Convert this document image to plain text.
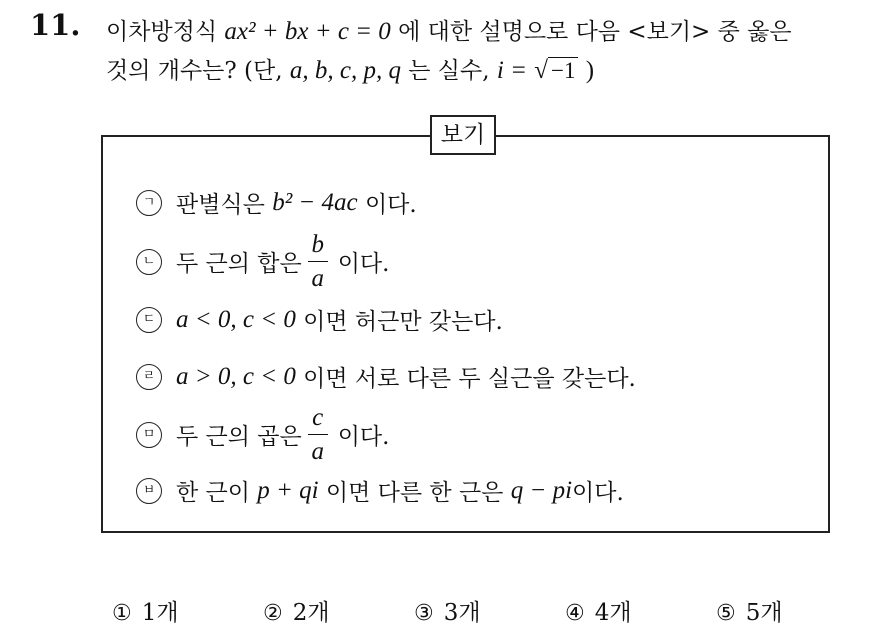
11. 이차방정식 ax² + bx + c = 0 에 대한 설명으로 다음 <보기> 중 옳은
것의 개수는? (단, a, b, c, p, q 는 실수, i = √ −1 )
보기
ㄱ 판별식은
b² − 4ac
이다.
ㄴ 두 근의 합은 $\frac{b}{a}$ 이다.
ㄷ a < 0, c < 0
이면 허근만 갖는다.
ㄹ a > 0, c < 0
이면 서로 다른 두 실근을 갖는다.
ㅁ 두 근의 곱은 $\frac{c}{a}$ 이다.
ㅂ 한 근이
p + qi
이면 다른 한 근은
q − pi 이다.
① 1개	② 2개	③ 3개	④ 4개	⑤ 5개
